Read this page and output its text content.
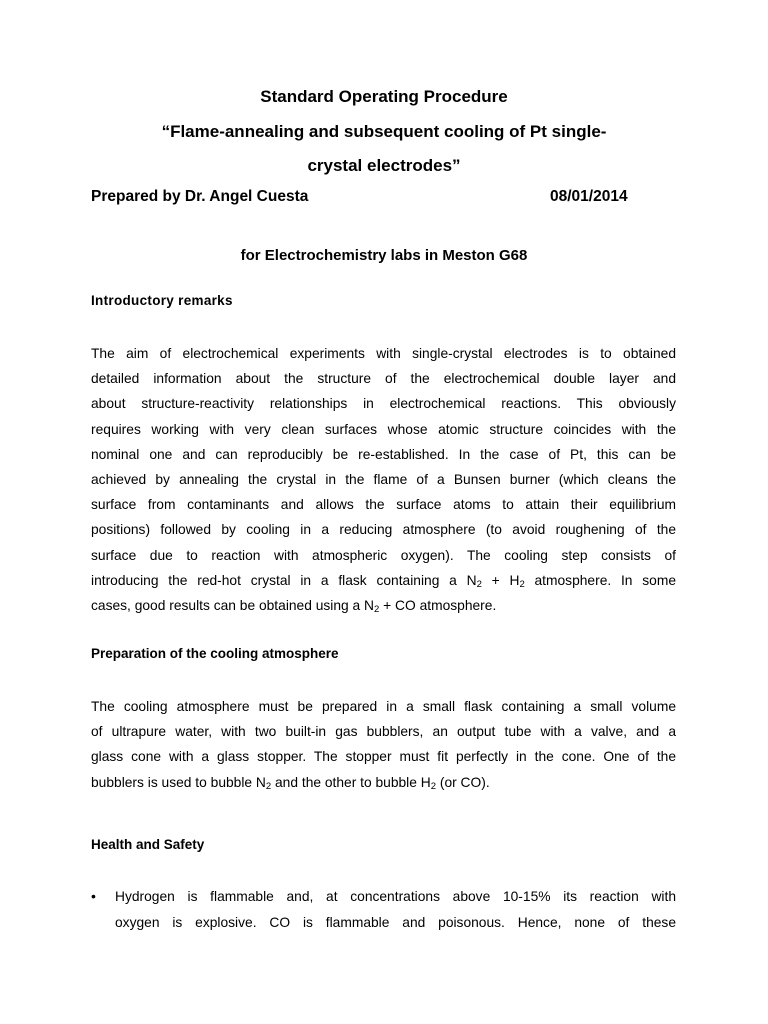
Standard Operating Procedure
“Flame-annealing and subsequent cooling of Pt single-
crystal electrodes”
Prepared by Dr. Angel Cuesta	08/01/2014
for Electrochemistry labs in Meston G68
Introductory remarks
The aim of electrochemical experiments with single-crystal electrodes is to obtained
detailed information about the structure of the electrochemical double layer and
about structure-reactivity relationships in electrochemical reactions. This obviously
requires working with very clean surfaces whose atomic structure coincides with the
nominal one and can reproducibly be re-established. In the case of Pt, this can be
achieved by annealing the crystal in the flame of a Bunsen burner (which cleans the
surface from contaminants and allows the surface atoms to attain their equilibrium
positions) followed by cooling in a reducing atmosphere (to avoid roughening of the
surface due to reaction with atmospheric oxygen). The cooling step consists of
introducing the red-hot crystal in a flask containing a $N_2 + H_2$ atmosphere. In some
cases, good results can be obtained using a $N_2$ + CO atmosphere.
Preparation of the cooling atmosphere
The cooling atmosphere must be prepared in a small flask containing a small volume
of ultrapure water, with two built-in gas bubblers, an output tube with a valve, and a
glass cone with a glass stopper. The stopper must fit perfectly in the cone. One of the
bubblers is used to bubble $N_2$ and the other to bubble $H_2$ (or CO).
Health and Safety
• Hydrogen is flammable and, at concentrations above 10-15% its reaction with
oxygen is explosive. CO is flammable and poisonous. Hence, none of these
